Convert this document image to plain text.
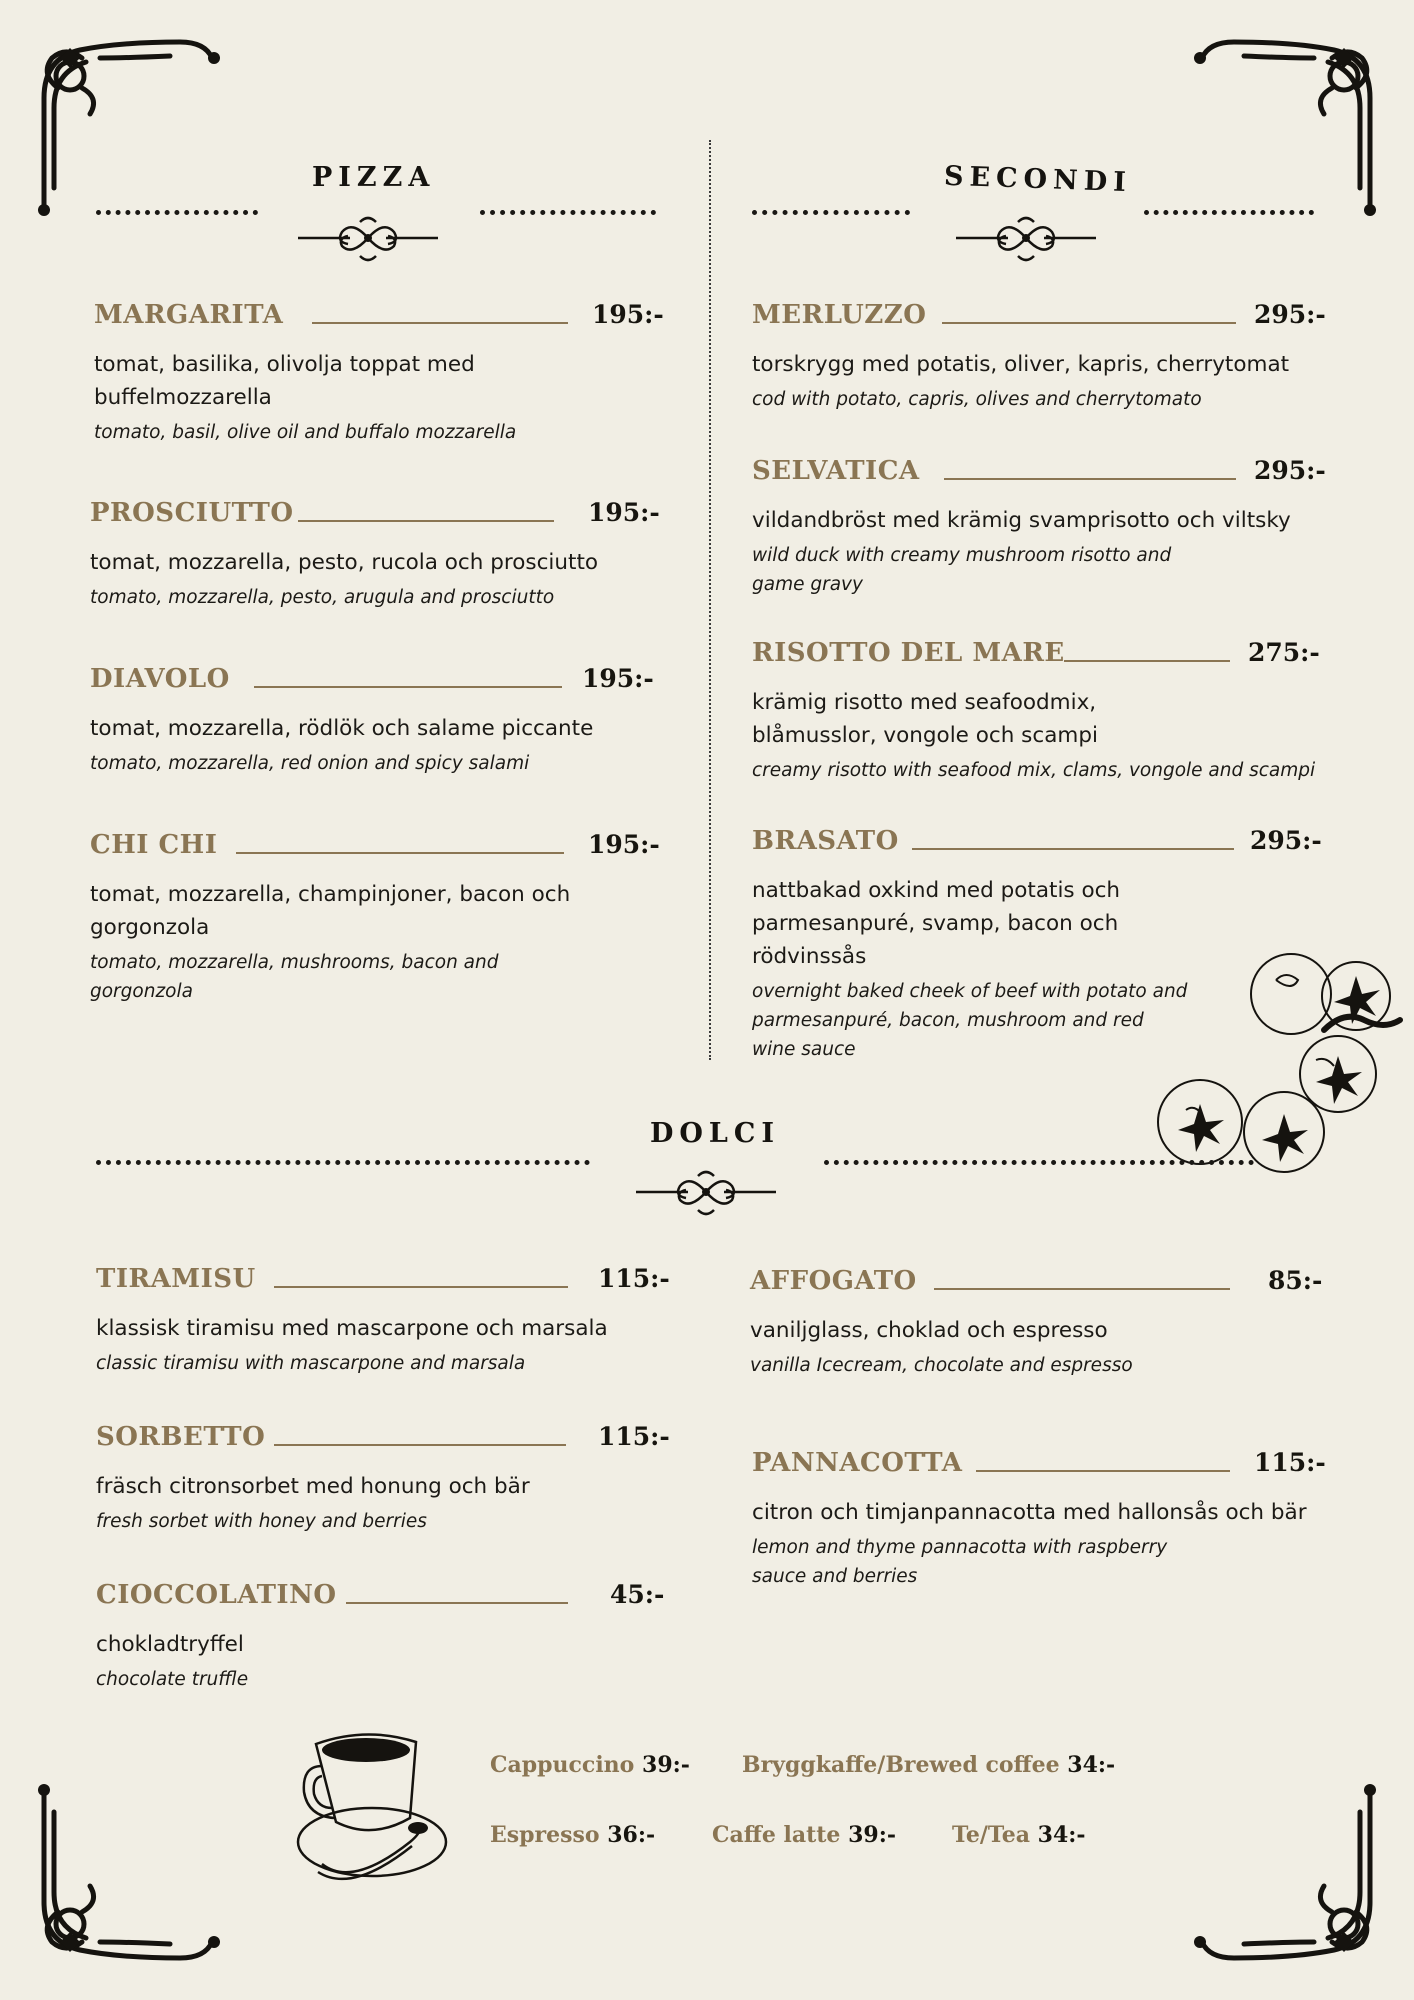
PIZZA	SECONDI
MARGARITA	195:-
tomat, basilika, olivolja toppat med buffelmozzarella
tomato, basil, olive oil and buffalo mozzarella
PROSCIUTTO	195:-
tomat, mozzarella, pesto, rucola och prosciutto
tomato, mozzarella, pesto, arugula and prosciutto
DIAVOLO	195:-
tomat, mozzarella, rödlök och salame piccante
tomato, mozzarella, red onion and spicy salami
CHI CHI	195:-
tomat, mozzarella, champinjoner, bacon och gorgonzola
tomato, mozzarella, mushrooms, bacon and gorgonzola
MERLUZZO	295:-
torskrygg med potatis, oliver, kapris, cherrytomat
cod with potato, capris, olives and cherrytomato
SELVATICA	295:-
vildandbröst med krämig svamprisotto och viltsky
wild duck with creamy mushroom risotto and game gravy
RISOTTO DEL MARE	275:-
krämig risotto med seafoodmix, blåmusslor, vongole och scampi
creamy risotto with seafood mix, clams, vongole and scampi
BRASATO	295:-
nattbakad oxkind med potatis och parmesanpuré, svamp, bacon och rödvinssås
overnight baked cheek of beef with potato and parmesanpuré, bacon, mushroom and red wine sauce
DOLCI
TIRAMISU	115:-
klassisk tiramisu med mascarpone och marsala
classic tiramisu with mascarpone and marsala
SORBETTO	115:-
fräsch citronsorbet med honung och bär
fresh sorbet with honey and berries
CIOCCOLATINO	45:-
chokladtryffel
chocolate truffle
AFFOGATO	85:-
vaniljglass, choklad och espresso
vanilla Icecream, chocolate and espresso
PANNACOTTA	115:-
citron och timjanpannacotta med hallonsås och bär
lemon and thyme pannacotta with raspberry sauce and berries
Cappuccino 39:- Bryggkaffe/Brewed coffee 34:-
Espresso 36:-	Caffe latte 39:-	Te/Tea 34:-
